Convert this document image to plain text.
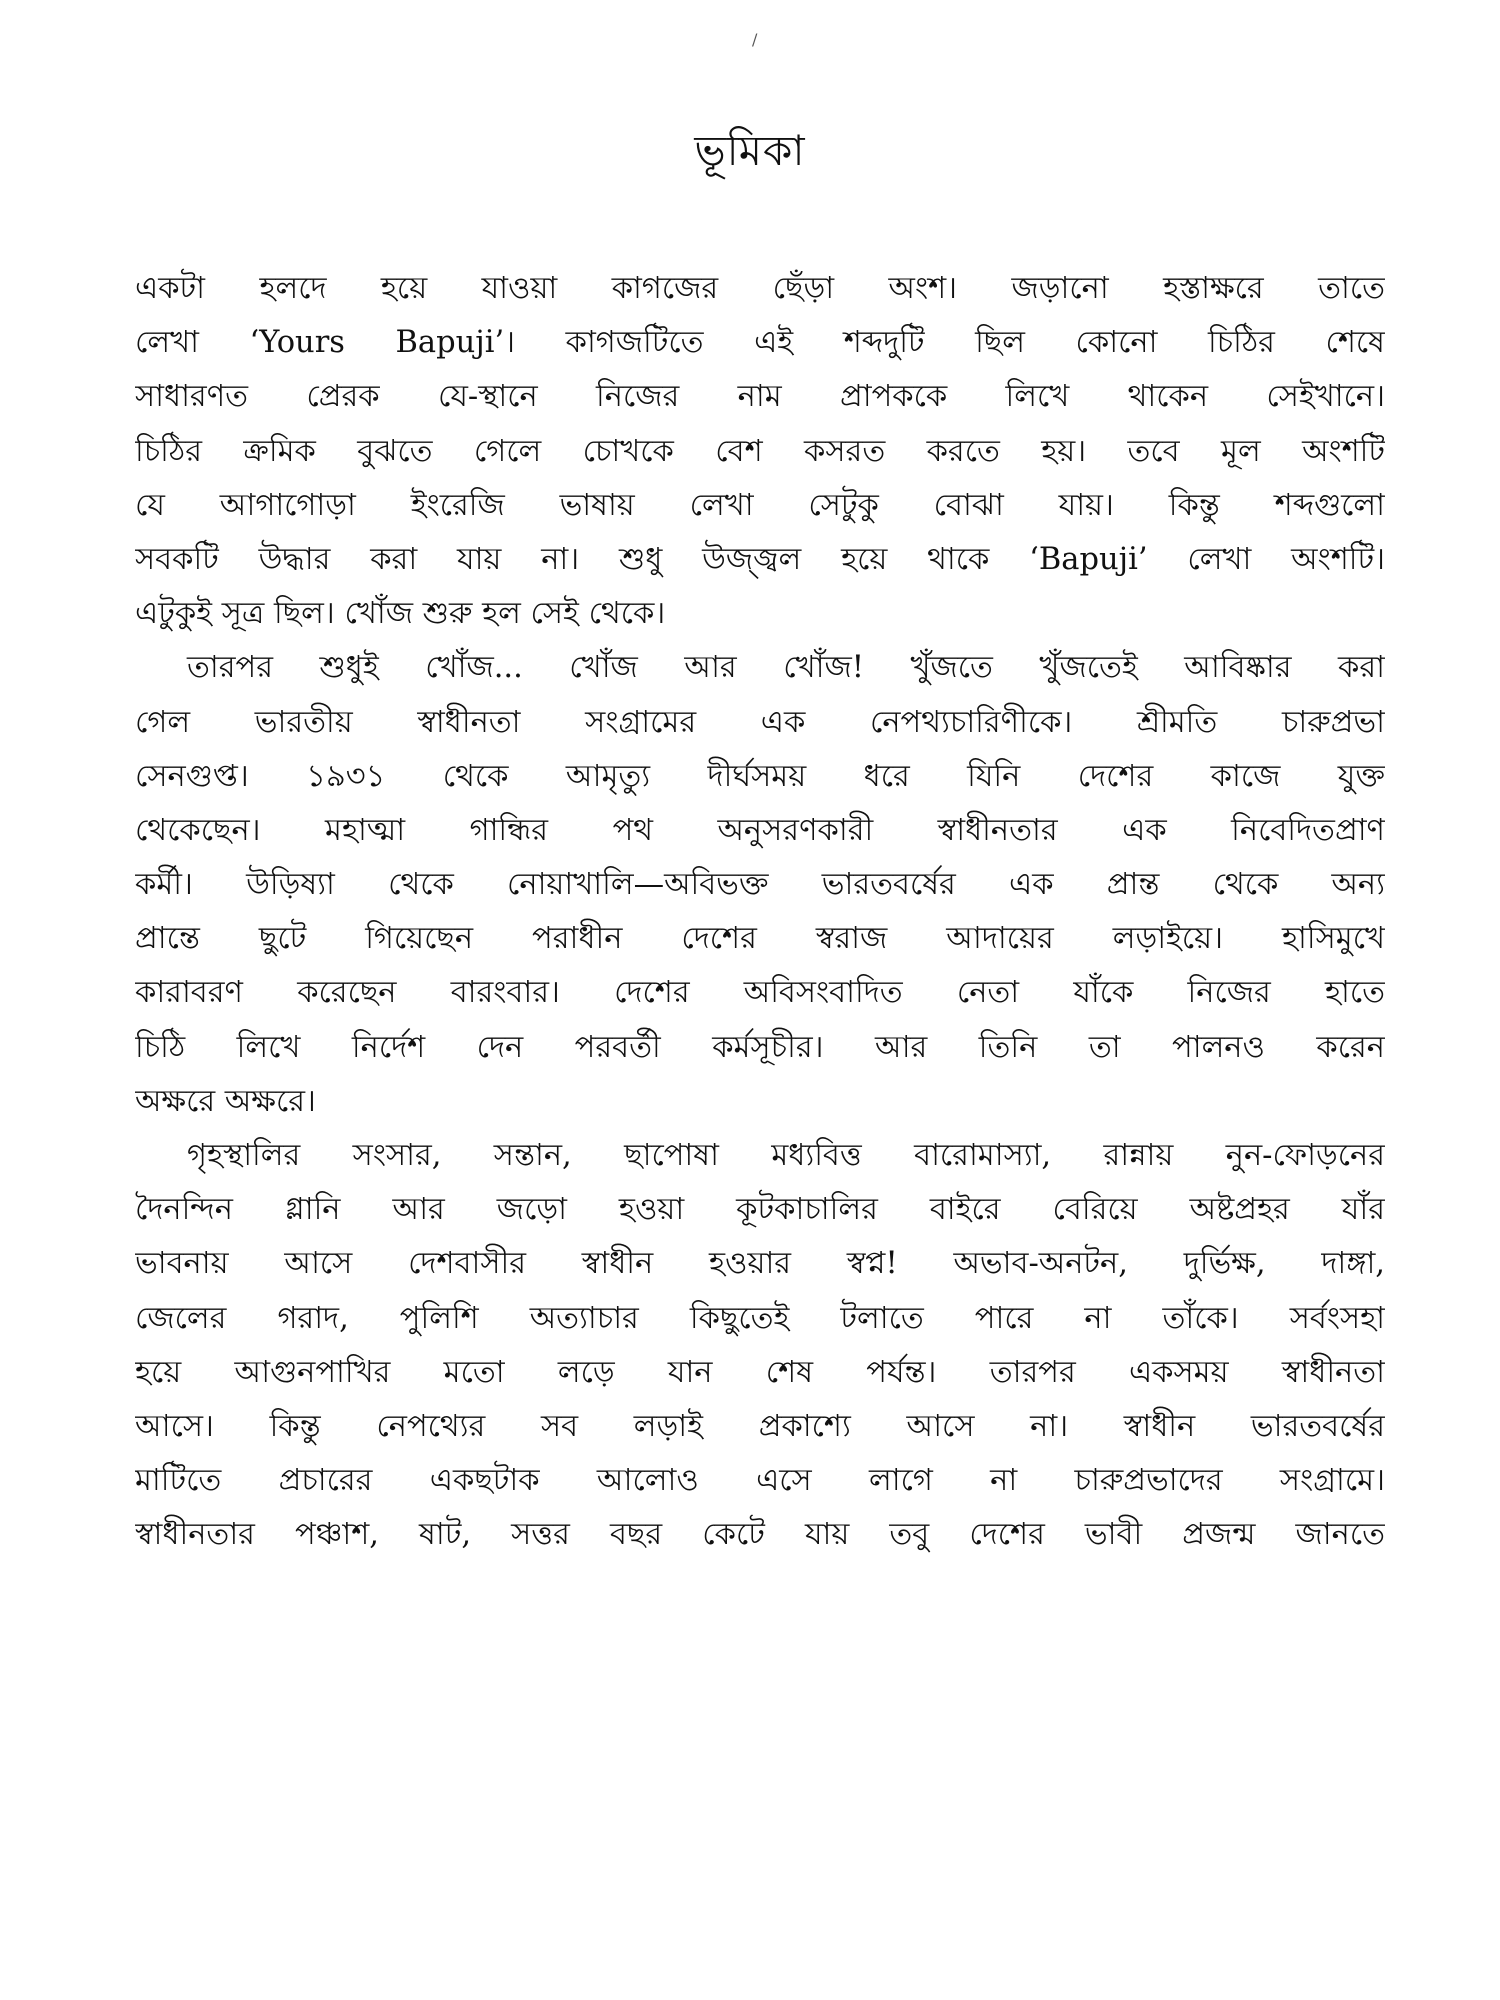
/
ভূমিকা
একটা হলদে হয়ে যাওয়া কাগজের ছেঁড়া অংশ। জড়ানো হস্তাক্ষরে তাতে
লেখা ‘Yours Bapuji’। কাগজটিতে এই শব্দদুটি ছিল কোনো চিঠির শেষে
সাধারণত প্রেরক যে-স্থানে নিজের নাম প্রাপককে লিখে থাকেন সেইখানে।
চিঠির ক্রমিক বুঝতে গেলে চোখকে বেশ কসরত করতে হয়। তবে মূল অংশটি
যে আগাগোড়া ইংরেজি ভাষায় লেখা সেটুকু বোঝা যায়। কিন্তু শব্দগুলো
সবকটি উদ্ধার করা যায় না। শুধু উজ্জ্বল হয়ে থাকে ‘Bapuji’ লেখা অংশটি।
এটুকুই সূত্র ছিল। খোঁজ শুরু হল সেই থেকে।
তারপর শুধুই খোঁজ... খোঁজ আর খোঁজ! খুঁজতে খুঁজতেই আবিষ্কার করা
গেল ভারতীয় স্বাধীনতা সংগ্রামের এক নেপথ্যচারিণীকে। শ্রীমতি চারুপ্রভা
সেনগুপ্ত। ১৯৩১ থেকে আমৃত্যু দীর্ঘসময় ধরে যিনি দেশের কাজে যুক্ত
থেকেছেন। মহাত্মা গান্ধির পথ অনুসরণকারী স্বাধীনতার এক নিবেদিতপ্রাণ
কর্মী। উড়িষ্যা থেকে নোয়াখালি—অবিভক্ত ভারতবর্ষের এক প্রান্ত থেকে অন্য
প্রান্তে ছুটে গিয়েছেন পরাধীন দেশের স্বরাজ আদায়ের লড়াইয়ে। হাসিমুখে
কারাবরণ করেছেন বারংবার। দেশের অবিসংবাদিত নেতা যাঁকে নিজের হাতে
চিঠি লিখে নির্দেশ দেন পরবর্তী কর্মসূচীর। আর তিনি তা পালনও করেন
অক্ষরে অক্ষরে।
গৃহস্থালির সংসার, সন্তান, ছাপোষা মধ্যবিত্ত বারোমাস্যা, রান্নায় নুন-ফোড়নের
দৈনন্দিন গ্লানি আর জড়ো হওয়া কূটকাচালির বাইরে বেরিয়ে অষ্টপ্রহর যাঁর
ভাবনায় আসে দেশবাসীর স্বাধীন হওয়ার স্বপ্ন! অভাব-অনটন, দুর্ভিক্ষ, দাঙ্গা,
জেলের গরাদ, পুলিশি অত্যাচার কিছুতেই টলাতে পারে না তাঁকে। সর্বংসহা
হয়ে আগুনপাখির মতো লড়ে যান শেষ পর্যন্ত। তারপর একসময় স্বাধীনতা
আসে। কিন্তু নেপথ্যের সব লড়াই প্রকাশ্যে আসে না। স্বাধীন ভারতবর্ষের
মাটিতে প্রচারের একছটাক আলোও এসে লাগে না চারুপ্রভাদের সংগ্রামে।
স্বাধীনতার পঞ্চাশ, ষাট, সত্তর বছর কেটে যায় তবু দেশের ভাবী প্রজন্ম জানতে
